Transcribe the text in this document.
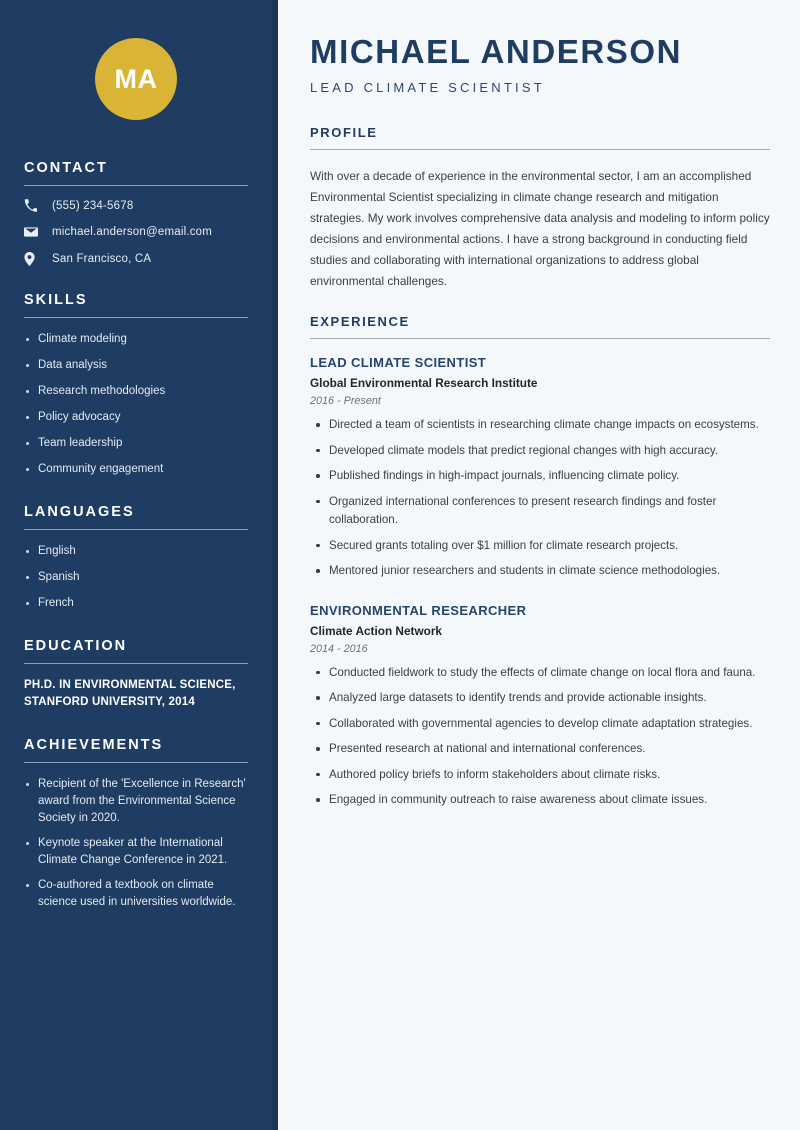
MA
CONTACT
(555) 234-5678
michael.anderson@email.com
San Francisco, CA
SKILLS
Climate modeling
Data analysis
Research methodologies
Policy advocacy
Team leadership
Community engagement
LANGUAGES
English
Spanish
French
EDUCATION
PH.D. IN ENVIRONMENTAL SCIENCE,
STANFORD UNIVERSITY, 2014
ACHIEVEMENTS
Recipient of the 'Excellence in Research' award from the Environmental Science Society in 2020.
Keynote speaker at the International Climate Change Conference in 2021.
Co-authored a textbook on climate science used in universities worldwide.
MICHAEL ANDERSON
LEAD CLIMATE SCIENTIST
PROFILE

With over a decade of experience in the environmental sector, I am an accomplished Environmental Scientist specializing in climate change research and mitigation strategies. My work involves comprehensive data analysis and modeling to inform policy decisions and environmental actions. I have a strong background in conducting field studies and collaborating with international organizations to address global environmental challenges.

EXPERIENCE
LEAD CLIMATE SCIENTIST
Global Environmental Research Institute
2016 - Present
Directed a team of scientists in researching climate change impacts on ecosystems.
Developed climate models that predict regional changes with high accuracy.
Published findings in high-impact journals, influencing climate policy.
Organized international conferences to present research findings and foster collaboration.
Secured grants totaling over $1 million for climate research projects.
Mentored junior researchers and students in climate science methodologies.
ENVIRONMENTAL RESEARCHER
Climate Action Network
2014 - 2016
Conducted fieldwork to study the effects of climate change on local flora and fauna.
Analyzed large datasets to identify trends and provide actionable insights.
Collaborated with governmental agencies to develop climate adaptation strategies.
Presented research at national and international conferences.
Authored policy briefs to inform stakeholders about climate risks.
Engaged in community outreach to raise awareness about climate issues.
